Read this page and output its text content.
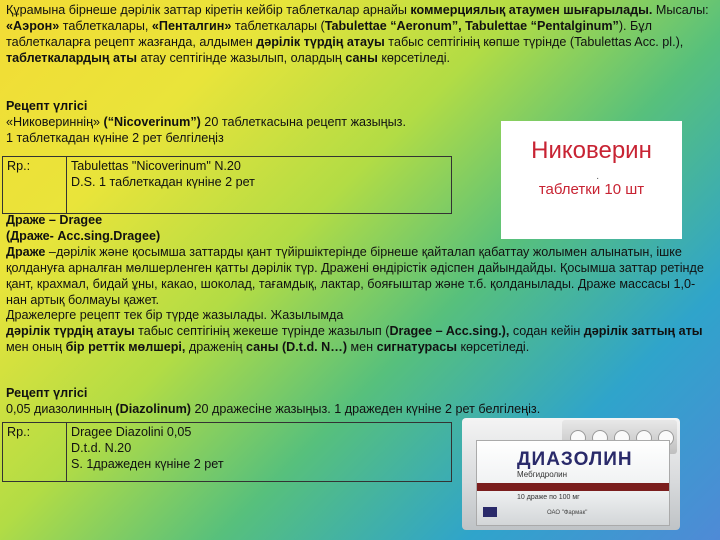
Құрамына бірнеше дәрілік заттар кіретін кейбір таблеткалар арнайы коммерциялық атаумен шығарылады. Мысалы: «Аэрон» таблеткалары, «Пенталгин» таблеткалары (Tabulettae “Aeronum”, Tabulettae “Pentalginum”). Бұл таблеткаларға рецепт жазғанда, алдымен дәрілік түрдің атауы табыс септігінің көпше түрінде (Tabulettas Acc. pl.), таблеткалардың аты атау септігінде жазылып, олардың саны көрсетіледі.

Рецепт үлгісі

«Никовериннің» (“Nicoverinum”) 20 таблеткасына рецепт жазыңыз.

1 таблеткадан күніне 2 рет белгілеңіз

Rp.:	Tabulettas "Nicoverinum" N.20
D.S. 1 таблеткадан күніне 2 рет
Никоверин
·
таблетки 10 шт

Драже – Dragee

(Драже- Acc.sing.Dragee)

Драже –дәрілік және қосымша заттарды қант түйіршіктерінде бірнеше қайталап қабаттау жолымен алынатын, ішке қолдануға арналған мөлшерленген қатты дәрілік түр. Дражені өндірістік әдіспен дайындайды. Қосымша заттар ретінде қант, крахмал, бидай ұны, какао, шоколад, тағамдық, лактар, бояғыштар және т.б. қолданылады. Драже массасы 1,0-нан артық болмауы қажет.

Дражелерге рецепт тек бір түрде жазылады. Жазылымда

дәрілік түрдің атауы табыс септігінің жекеше түрінде жазылып (Dragee – Acc.sing.), содан кейін дәрілік заттың аты мен оның бір реттік мөлшері, дражeнің саны (D.t.d. N…) мен сигнатурасы көрсетіледі.

Рецепт үлгісі

0,05 диазолинның (Diazolinum) 20 дражесіне жазыңыз. 1 дражеден күніне 2 рет белгілеңіз.

Rp.:	Dragee Diazolini 0,05
D.t.d. N.20
S. 1дражеден күніне 2 рет	ДИАЗОЛИН
Мебгидролин
10 драже по 100 мг
ОАО "Фармак"
